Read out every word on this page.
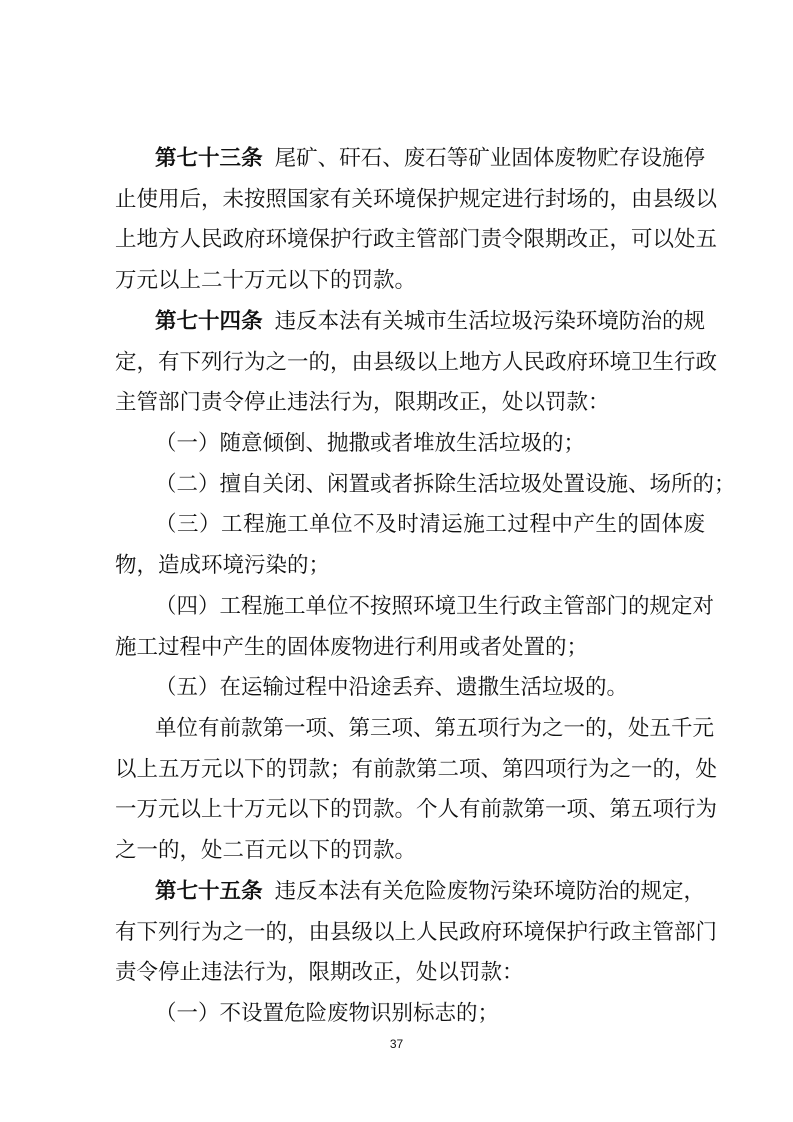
第七十三条 尾矿、矸石、废石等矿业固体废物贮存设施停
止使用后，未按照国家有关环境保护规定进行封场的，由县级以
上地方人民政府环境保护行政主管部门责令限期改正，可以处五
万元以上二十万元以下的罚款。
第七十四条 违反本法有关城市生活垃圾污染环境防治的规
定，有下列行为之一的，由县级以上地方人民政府环境卫生行政
主管部门责令停止违法行为，限期改正，处以罚款：
（一）随意倾倒、抛撒或者堆放生活垃圾的；
（二）擅自关闭、闲置或者拆除生活垃圾处置设施、场所的；
（三）工程施工单位不及时清运施工过程中产生的固体废
物，造成环境污染的；
（四）工程施工单位不按照环境卫生行政主管部门的规定对
施工过程中产生的固体废物进行利用或者处置的；
（五）在运输过程中沿途丢弃、遗撒生活垃圾的。
单位有前款第一项、第三项、第五项行为之一的，处五千元
以上五万元以下的罚款；有前款第二项、第四项行为之一的，处
一万元以上十万元以下的罚款。个人有前款第一项、第五项行为
之一的，处二百元以下的罚款。
第七十五条 违反本法有关危险废物污染环境防治的规定，
有下列行为之一的，由县级以上人民政府环境保护行政主管部门
责令停止违法行为，限期改正，处以罚款：
37
（一）不设置危险废物识别标志的；
